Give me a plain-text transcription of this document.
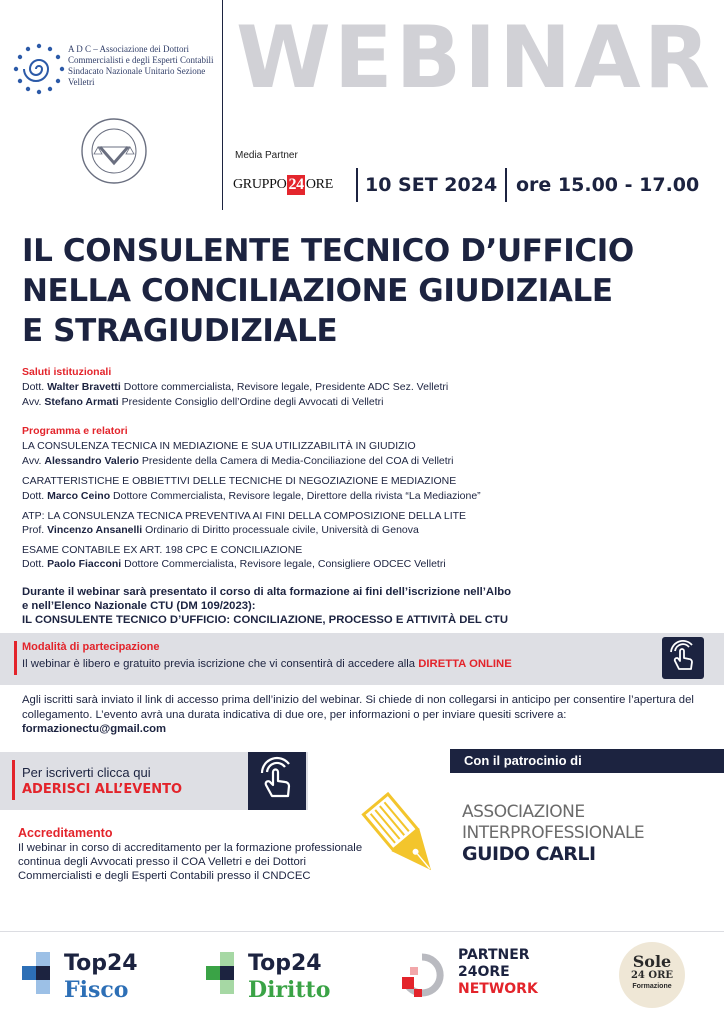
A D C – Associazione dei Dottori Commercialisti e degli Esperti Contabili Sindacato Nazionale Unitario Sezione Velletri	WEBINAR
Media Partner
GRUPPO 24 ORE 10 SET 2024 ore 15.00 - 17.00
IL CONSULENTE TECNICO D’UFFICIO
NELLA CONCILIAZIONE GIUDIZIALE
E STRAGIUDIZIALE
Saluti istituzionali
Dott. Walter Bravetti Dottore commercialista, Revisore legale, Presidente ADC Sez. Velletri
Avv. Stefano Armati Presidente Consiglio dell’Ordine degli Avvocati di Velletri
Programma e relatori
LA CONSULENZA TECNICA IN MEDIAZIONE E SUA UTILIZZABILITÀ IN GIUDIZIO
Avv. Alessandro Valerio Presidente della Camera di Media-Conciliazione del COA di Velletri
CARATTERISTICHE E OBBIETTIVI DELLE TECNICHE DI NEGOZIAZIONE E MEDIAZIONE
Dott. Marco Ceino Dottore Commercialista, Revisore legale, Direttore della rivista “La Mediazione”
ATP: LA CONSULENZA TECNICA PREVENTIVA AI FINI DELLA COMPOSIZIONE DELLA LITE
Prof. Vincenzo Ansanelli Ordinario di Diritto processuale civile, Università di Genova
ESAME CONTABILE EX ART. 198 CPC E CONCILIAZIONE
Dott. Paolo Fiacconi Dottore Commercialista, Revisore legale, Consigliere ODCEC Velletri
Durante il webinar sarà presentato il corso di alta formazione ai fini dell’iscrizione nell’Albo
e nell’Elenco Nazionale CTU (DM 109/2023):
IL CONSULENTE TECNICO D’UFFICIO: CONCILIAZIONE, PROCESSO E ATTIVITÀ DEL CTU
Modalità di partecipazione
Il webinar è libero e gratuito previa iscrizione che vi consentirà di accedere alla DIRETTA ONLINE
Agli iscritti sarà inviato il link di accesso prima dell’inizio del webinar. Si chiede di non collegarsi in anticipo per consentire l’apertura del collegamento. L’evento avrà una durata indicativa di due ore, per informazioni o per inviare quesiti scrivere a: formazionectu@gmail.com
Per iscriverti clicca qui
ADERISCI ALL’EVENTO
Con il patrocinio di
ASSOCIAZIONE
INTERPROFESSIONALE
GUIDO CARLI
Accreditamento
Il webinar in corso di accreditamento per la formazione professionale continua degli Avvocati presso il COA Velletri e dei Dottori Commercialisti e degli Esperti Contabili presso il CNDCEC
Top24
Fisco
Top24
Diritto
PARTNER
24ORE
NETWORK
Sole
24 ORE
Formazione
